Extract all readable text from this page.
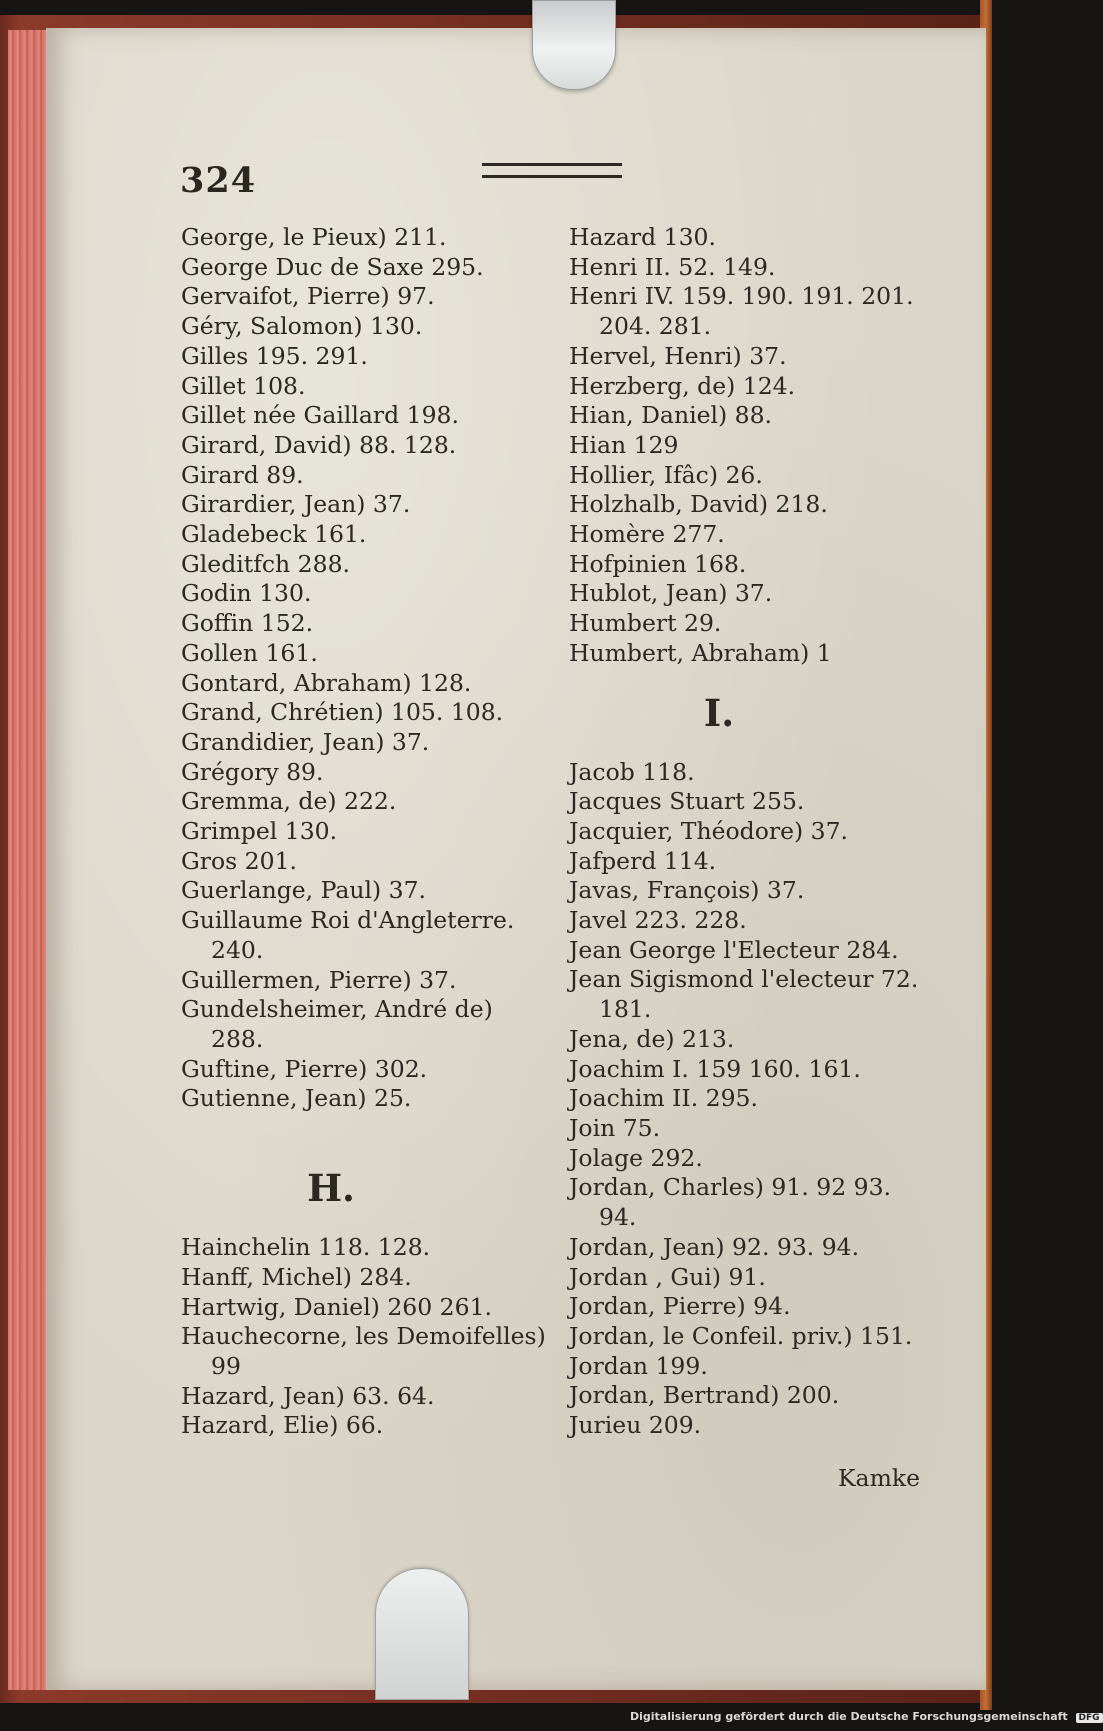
324
George, le Pieux) 211.
George Duc de Saxe 295.
Gervaifot, Pierre) 97.
Géry, Salomon) 130.
Gilles 195. 291.
Gillet 108.
Gillet née Gaillard 198.
Girard, David) 88. 128.
Girard 89.
Girardier, Jean) 37.
Gladebeck 161.
Gleditfch 288.
Godin 130.
Goffin 152.
Gollen 161.
Gontard, Abraham) 128.
Grand, Chrétien) 105. 108.
Grandidier, Jean) 37.
Grégory 89.
Gremma, de) 222.
Grimpel 130.
Gros 201.
Guerlange, Paul) 37.
Guillaume Roi d'Angleterre.
240.
Guillermen, Pierre) 37.
Gundelsheimer, André de)
288.
Guftine, Pierre) 302.
Gutienne, Jean) 25.
H.
Hainchelin 118. 128.
Hanff, Michel) 284.
Hartwig, Daniel) 260 261.
Hauchecorne, les Demoifelles)
99
Hazard, Jean) 63. 64.
Hazard, Elie) 66.
Hazard 130.
Henri II. 52. 149.
Henri IV. 159. 190. 191. 201.
204. 281.
Hervel, Henri) 37.
Herzberg, de) 124.
Hian, Daniel) 88.
Hian 129
Hollier, Ifâc) 26.
Holzhalb, David) 218.
Homère 277.
Hofpinien 168.
Hublot, Jean) 37.
Humbert 29.
Humbert, Abraham) 1
I.
Jacob 118.
Jacques Stuart 255.
Jacquier, Théodore) 37.
Jafperd 114.
Javas, François) 37.
Javel 223. 228.
Jean George l'Electeur 284.
Jean Sigismond l'electeur 72.
181.
Jena, de) 213.
Joachim I. 159 160. 161.
Joachim II. 295.
Join 75.
Jolage 292.
Jordan, Charles) 91. 92 93.
94.
Jordan, Jean) 92. 93. 94.
Jordan , Gui) 91.
Jordan, Pierre) 94.
Jordan, le Confeil. priv.) 151.
Jordan 199.
Jordan, Bertrand) 200.
Jurieu 209.
Kamke
Digitalisierung gefördert durch die Deutsche Forschungsgemeinschaft DFG
